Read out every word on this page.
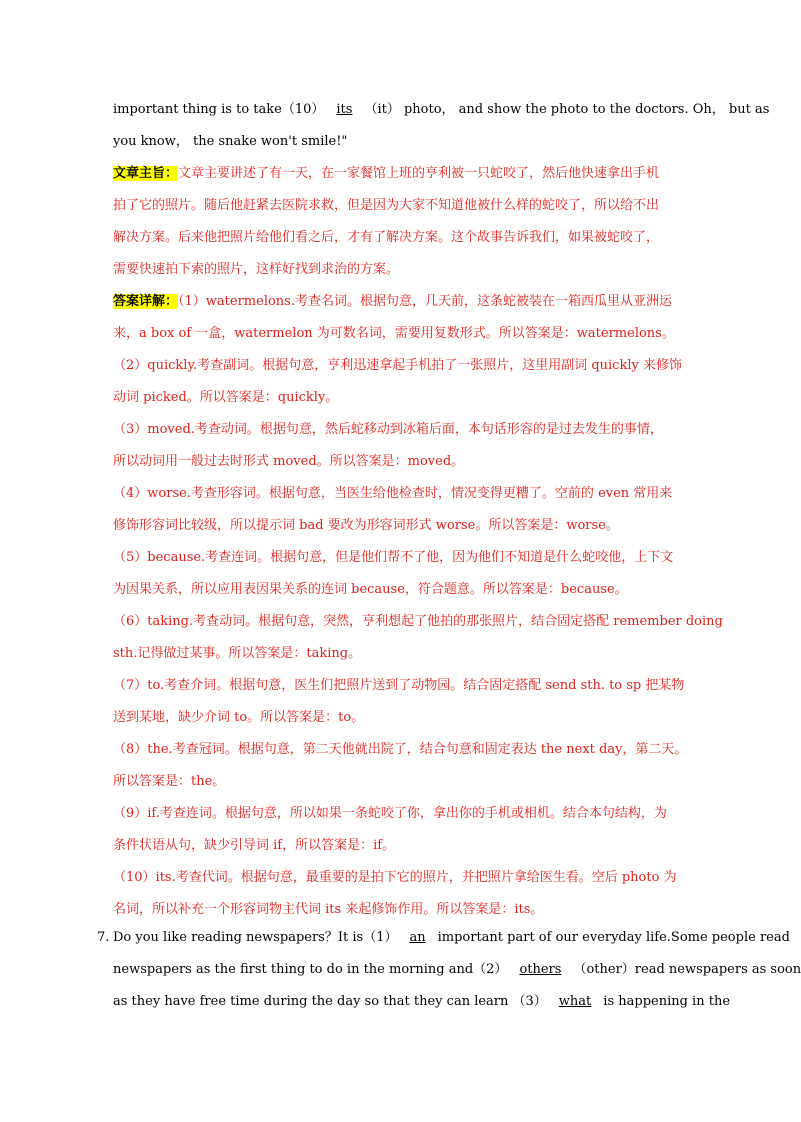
important thing is to take（10） its （it） photo， and show the photo to the doctors. Oh， but as
you know， the snake won't smile!"
文章主旨：文章主要讲述了有一天，在一家餐馆上班的亨利被一只蛇咬了，然后他快速拿出手机
拍了它的照片。随后他赶紧去医院求救，但是因为大家不知道他被什么样的蛇咬了，所以给不出
解决方案。后来他把照片给他们看之后，才有了解决方案。这个故事告诉我们，如果被蛇咬了，
需要快速拍下索的照片，这样好找到求治的方案。
答案详解：（1）watermelons.考查名词。根据句意，几天前，这条蛇被装在一箱西瓜里从亚洲运
来，a box of 一盒，watermelon 为可数名词，需要用复数形式。所以答案是：watermelons。
（2）quickly.考查副词。根据句意，亨利迅速拿起手机拍了一张照片，这里用副词 quickly 来修饰
动词 picked。所以答案是：quickly。
（3）moved.考查动词。根据句意，然后蛇移动到冰箱后面，本句话形容的是过去发生的事情，
所以动词用一般过去时形式 moved。所以答案是：moved。
（4）worse.考查形容词。根据句意，当医生给他检查时，情况变得更糟了。空前的 even 常用来
修饰形容词比较级，所以提示词 bad 要改为形容词形式 worse。所以答案是：worse。
（5）because.考查连词。根据句意，但是他们帮不了他，因为他们不知道是什么蛇咬他，上下文
为因果关系，所以应用表因果关系的连词 because，符合题意。所以答案是：because。
（6）taking.考查动词。根据句意，突然，亨利想起了他拍的那张照片，结合固定搭配 remember doing
sth.记得做过某事。所以答案是：taking。
（7）to.考查介词。根据句意，医生们把照片送到了动物园。结合固定搭配 send sth. to sp 把某物
送到某地，缺少介词 to。所以答案是：to。
（8）the.考查冠词。根据句意，第二天他就出院了，结合句意和固定表达 the next day，第二天。
所以答案是：the。
（9）if.考查连词。根据句意，所以如果一条蛇咬了你，拿出你的手机或相机。结合本句结构，为
条件状语从句，缺少引导词 if，所以答案是：if。
（10）its.考查代词。根据句意，最重要的是拍下它的照片，并把照片拿给医生看。空后 photo 为
名词，所以补充一个形容词物主代词 its 来起修饰作用。所以答案是：its。
7. Do you like reading newspapers？It is（1） an important part of our everyday life.Some people read
newspapers as the first thing to do in the morning and（2） others （other）read newspapers as soon
as they have free time during the day so that they can learn （3） what is happening in the
